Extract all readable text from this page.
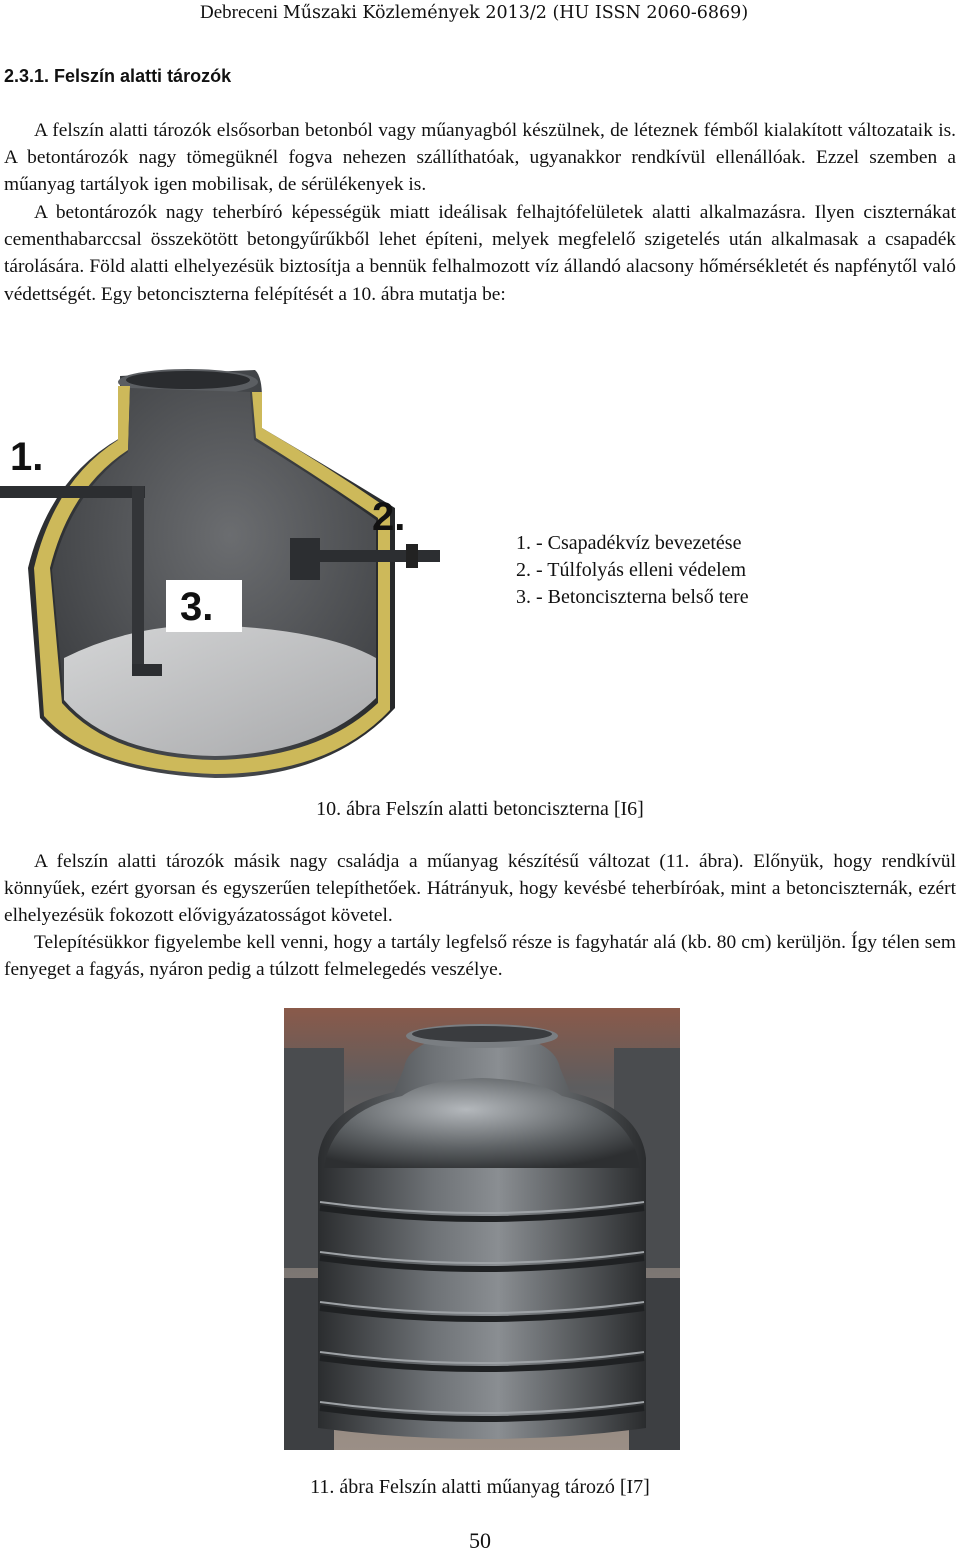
Debreceni Műszaki Közlemények 2013/2 (HU ISSN 2060-6869)
2.3.1. Felszín alatti tározók

A felszín alatti tározók elsősorban betonból vagy műanyagból készülnek, de léteznek fémből kialakított változataik is. A betontározók nagy tömegüknél fogva nehezen szállíthatóak, ugyanakkor rendkívül ellenállóak. Ezzel szemben a műanyag tartályok igen mobilisak, de sérülékenyek is.

A betontározók nagy teherbíró képességük miatt ideálisak felhajtófelületek alatti alkalmazásra. Ilyen ciszternákat cementhabarccsal összekötött betongyűrűkből lehet építeni, melyek megfelelő szigetelés után alkalmasak a csapadék tárolására. Föld alatti elhelyezésük biztosítja a bennük felhalmozott víz állandó alacsony hőmérsékletét és napfénytől való védettségét. Egy betonciszterna felépítését a 10. ábra mutatja be:

3.
1.
2.
1. - Csapadékvíz bevezetése
2. - Túlfolyás elleni védelem
3. - Betonciszterna belső tere
10. ábra Felszín alatti betonciszterna [I6]

A felszín alatti tározók másik nagy családja a műanyag készítésű változat (11. ábra). Előnyük, hogy rendkívül könnyűek, ezért gyorsan és egyszerűen telepíthetőek. Hátrányuk, hogy kevésbé teherbíróak, mint a betonciszternák, ezért elhelyezésük fokozott elővigyázatosságot követel.

Telepítésükkor figyelembe kell venni, hogy a tartály legfelső része is fagyhatár alá (kb. 80 cm) kerüljön. Így télen sem fenyeget a fagyás, nyáron pedig a túlzott felmelegedés veszélye.

11. ábra Felszín alatti műanyag tározó [I7]
50
